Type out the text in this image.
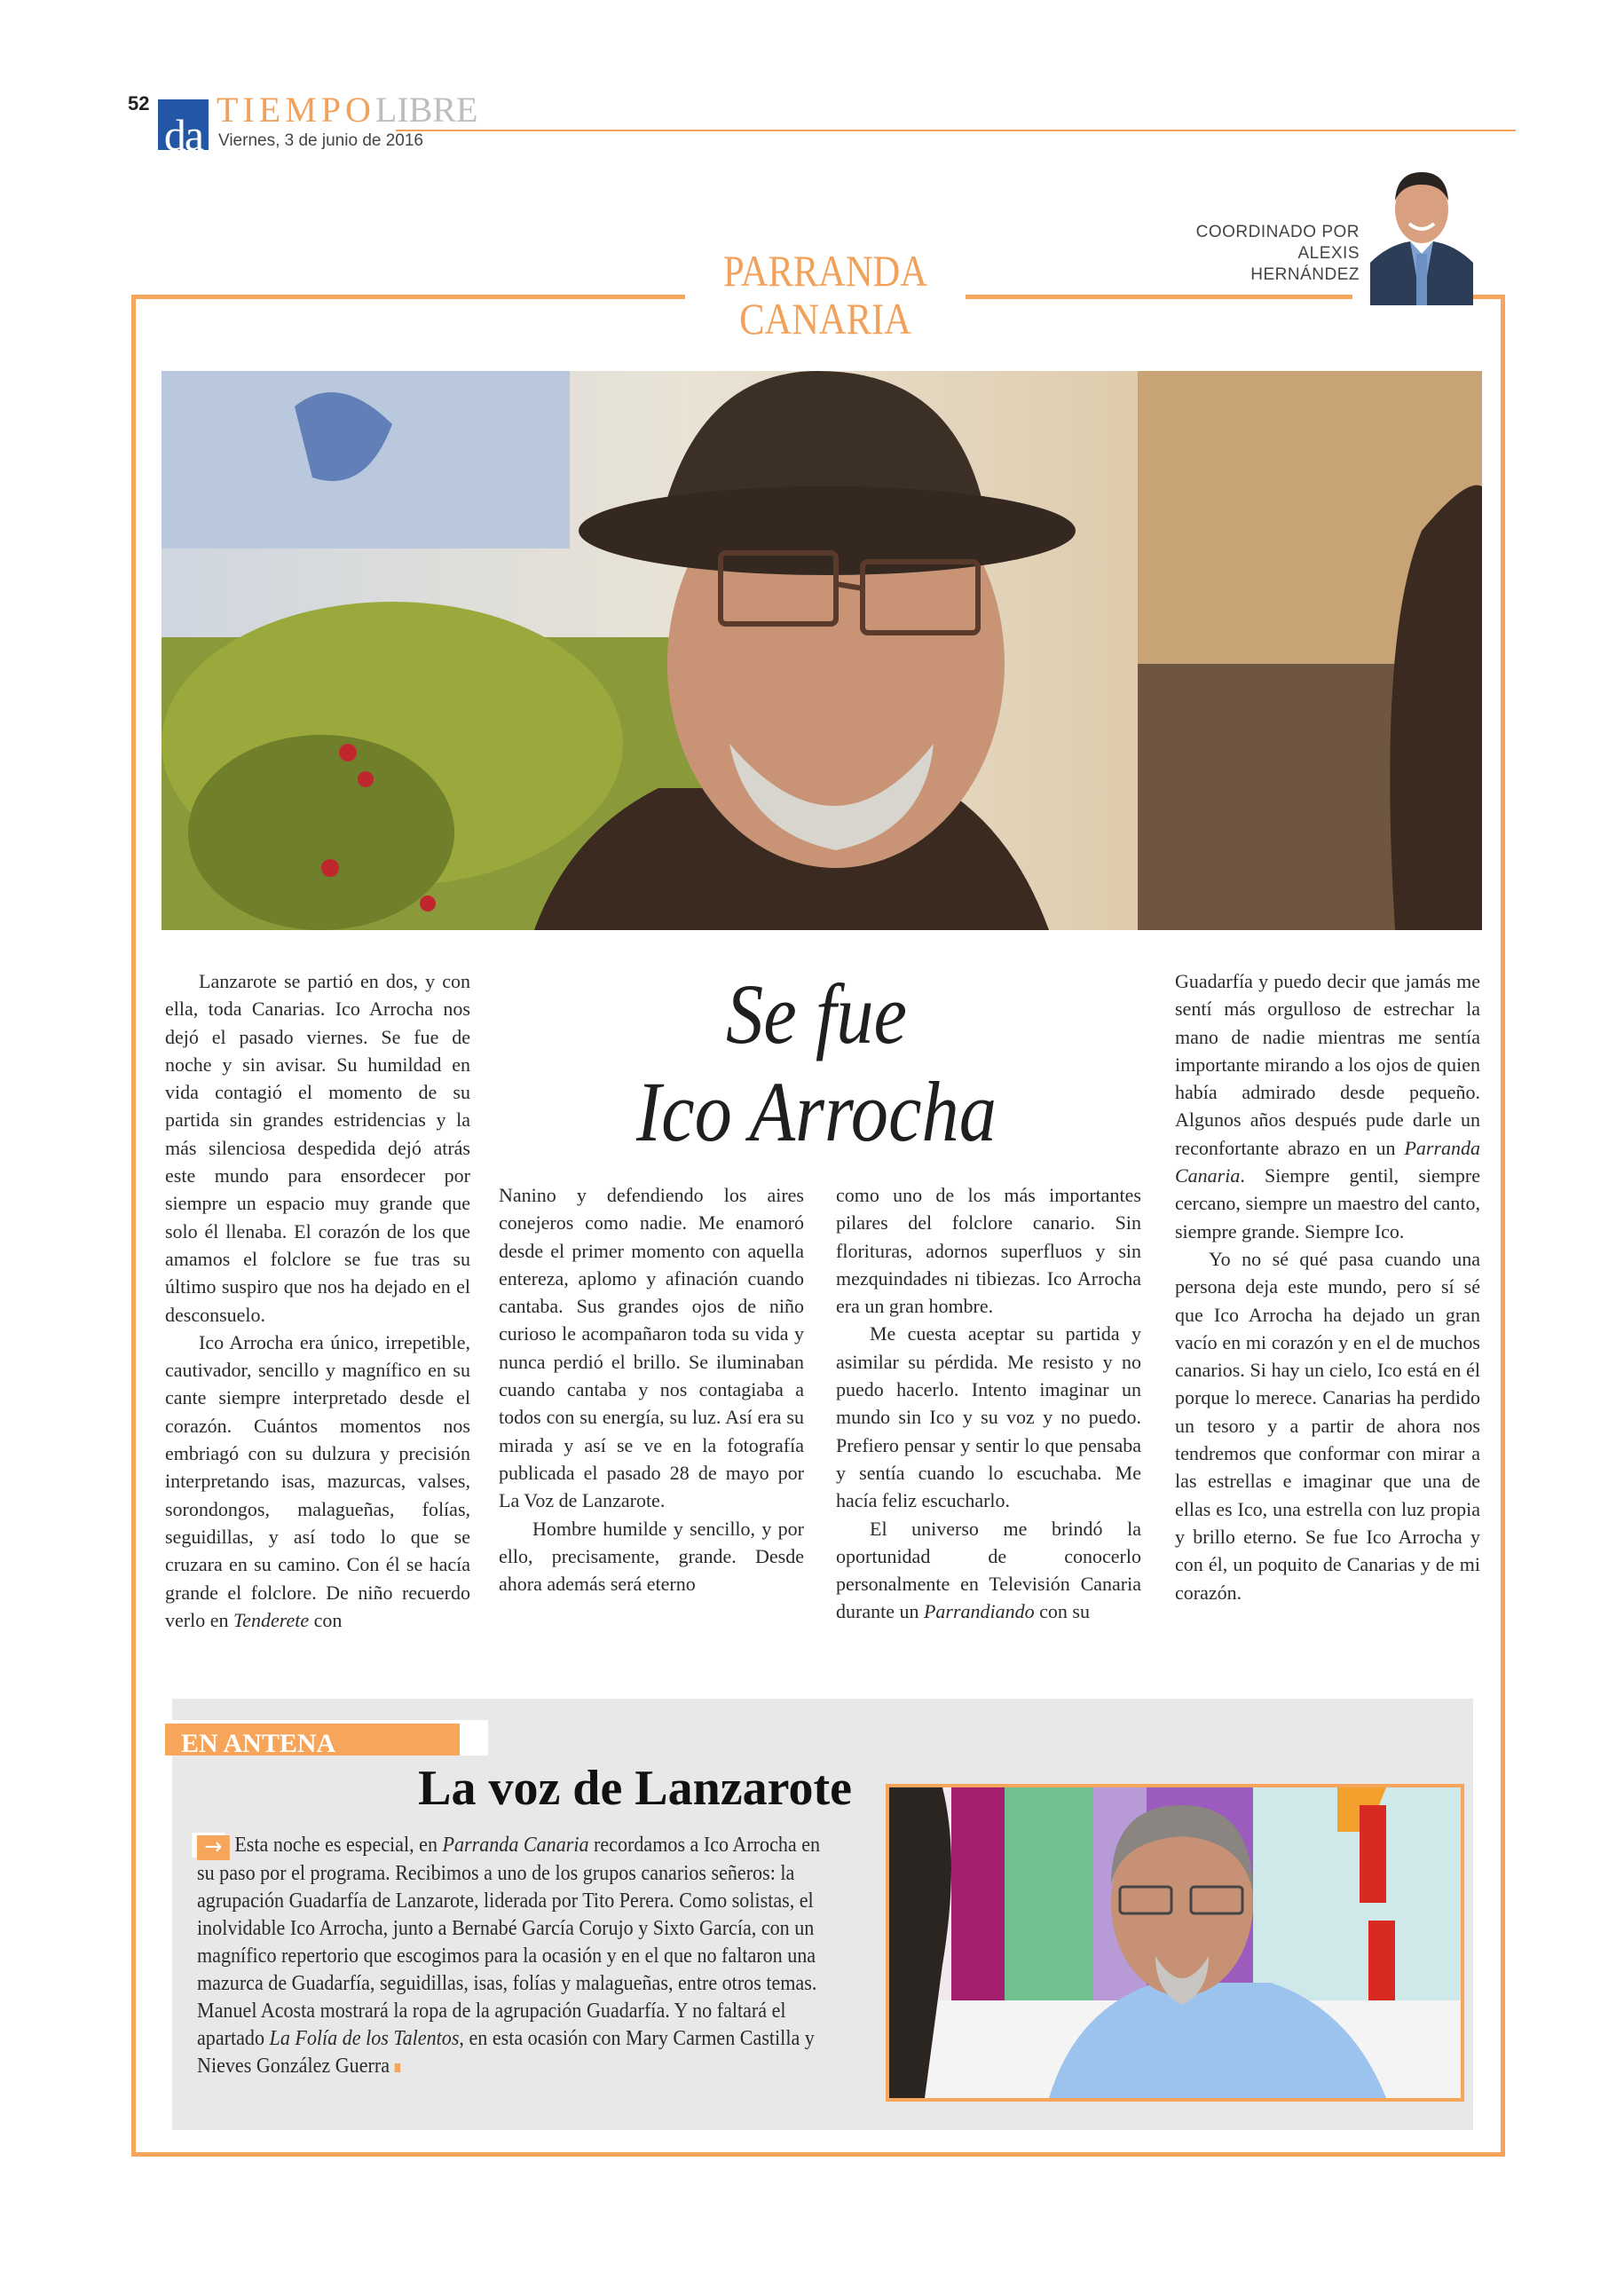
52
da
TIEMPOLIBRE
Viernes, 3 de junio de 2016
PARRANDA
CANARIA
COORDINADO POR
ALEXIS
HERNÁNDEZ
Se fue
Ico Arrocha

Lanzarote se partió en dos, y con ella, toda Canarias. Ico Arrocha nos dejó el pasado viernes. Se fue de noche y sin avisar. Su humildad en vida contagió el momento de su partida sin grandes estridencias y la más silenciosa despedida dejó atrás este mundo para ensordecer por siempre un espacio muy grande que solo él llenaba. El corazón de los que amamos el folclore se fue tras su último suspiro que nos ha dejado en el desconsuelo.

Ico Arrocha era único, irrepetible, cautivador, sencillo y magnífico en su cante siempre interpretado desde el corazón. Cuántos momentos nos embriagó con su dulzura y precisión interpretando isas, mazurcas, valses, sorondongos, malagueñas, folías, seguidillas, y así todo lo que se cruzara en su camino. Con él se hacía grande el folclore. De niño recuerdo verlo en Tenderete con

Nanino y defendiendo los aires conejeros como nadie. Me enamoró desde el primer momento con aquella entereza, aplomo y afinación cuando cantaba. Sus grandes ojos de niño curioso le acompañaron toda su vida y nunca perdió el brillo. Se iluminaban cuando cantaba y nos contagiaba a todos con su energía, su luz. Así era su mirada y así se ve en la fotografía publicada el pasado 28 de mayo por La Voz de Lanzarote.

Hombre humilde y sencillo, y por ello, precisamente, grande. Desde ahora además será eterno

como uno de los más importantes pilares del folclore canario. Sin florituras, adornos superfluos y sin mezquindades ni tibiezas. Ico Arrocha era un gran hombre.

Me cuesta aceptar su partida y asimilar su pérdida. Me resisto y no puedo hacerlo. Intento imaginar un mundo sin Ico y su voz y no puedo. Prefiero pensar y sentir lo que pensaba y sentía cuando lo escuchaba. Me hacía feliz escucharlo.

El universo me brindó la oportunidad de conocerlo personalmente en Televisión Canaria durante un Parrandiando con su

Guadarfía y puedo decir que jamás me sentí más orgulloso de estrechar la mano de nadie mientras me sentía importante mirando a los ojos de quien había admirado desde pequeño. Algunos años después pude darle un reconfortante abrazo en un Parranda Canaria. Siempre gentil, siempre cercano, siempre un maestro del canto, siempre grande. Siempre Ico.

Yo no sé qué pasa cuando una persona deja este mundo, pero sí sé que Ico Arrocha ha dejado un gran vacío en mi corazón y en el de muchos canarios. Si hay un cielo, Ico está en él porque lo merece. Canarias ha perdido un tesoro y a partir de ahora nos tendremos que conformar con mirar a las estrellas e imaginar que una de ellas es Ico, una estrella con luz propia y brillo eterno. Se fue Ico Arrocha y con él, un poquito de Canarias y de mi corazón.

EN ANTENA
La voz de Lanzarote
→ Esta noche es especial, en Parranda Canaria recordamos a Ico Arrocha en su paso por el programa. Recibimos a uno de los grupos canarios señeros: la agrupación Guadarfía de Lanzarote, liderada por Tito Perera. Como solistas, el inolvidable Ico Arrocha, junto a Bernabé García Corujo y Sixto García, con un magnífico repertorio que escogimos para la ocasión y en el que no faltaron una mazurca de Guadarfía, seguidillas, isas, folías y malagueñas, entre otros temas. Manuel Acosta mostrará la ropa de la agrupación Guadarfía. Y no faltará el apartado La Folía de los Talentos, en esta ocasión con Mary Carmen Castilla y Nieves González Guerra
